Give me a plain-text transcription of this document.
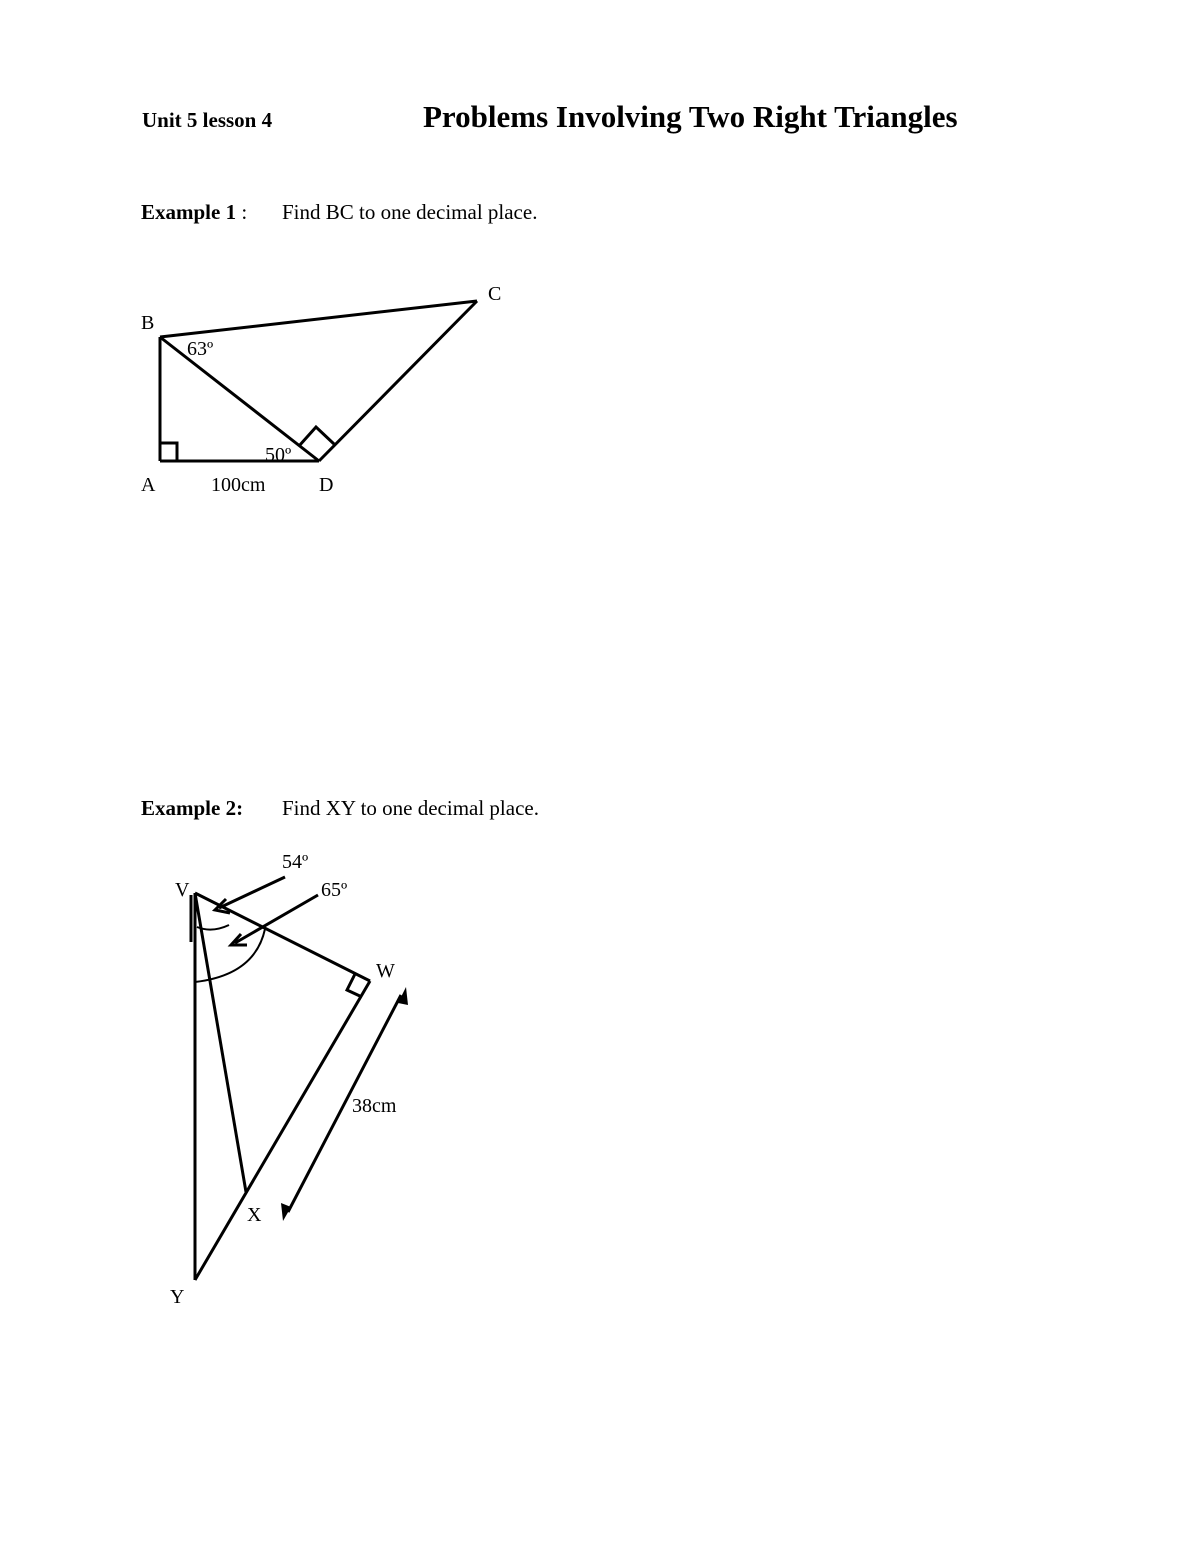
Unit 5 lesson 4	Problems Involving Two Right Triangles
Example 1 : Find BC to one decimal place.
B
C
A	D
63º
50º
100cm
Example 2: Find XY to one decimal place.
V
W
X
Y
54º
65º
38cm
